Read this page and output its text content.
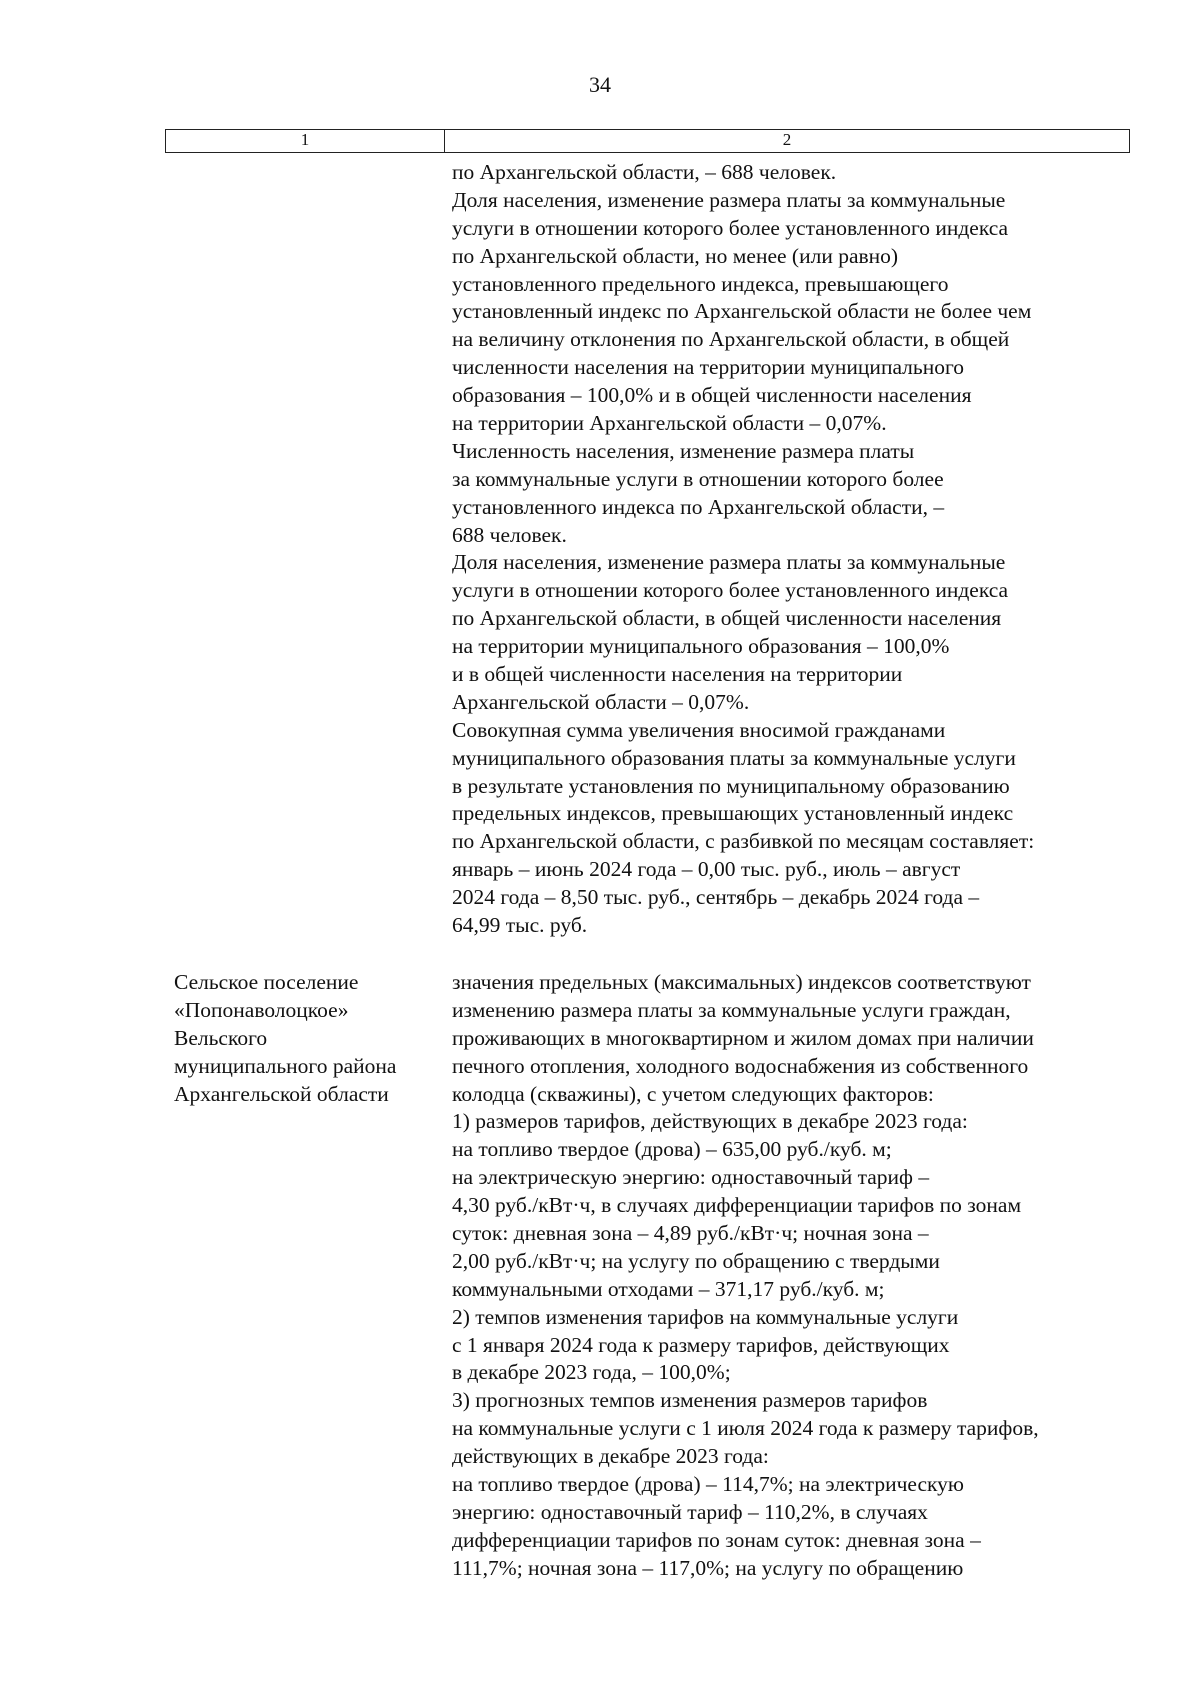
34
1	2
по Архангельской области, – 688 человек.
Доля населения, изменение размера платы за коммунальные
услуги в отношении которого более установленного индекса
по Архангельской области, но менее (или равно)
установленного предельного индекса, превышающего
установленный индекс по Архангельской области не более чем
на величину отклонения по Архангельской области, в общей
численности населения на территории муниципального
образования – 100,0% и в общей численности населения
на территории Архангельской области – 0,07%.
Численность населения, изменение размера платы
за коммунальные услуги в отношении которого более
установленного индекса по Архангельской области, –
688 человек.
Доля населения, изменение размера платы за коммунальные
услуги в отношении которого более установленного индекса
по Архангельской области, в общей численности населения
на территории муниципального образования – 100,0%
и в общей численности населения на территории
Архангельской области – 0,07%.
Совокупная сумма увеличения вносимой гражданами
муниципального образования платы за коммунальные услуги
в результате установления по муниципальному образованию
предельных индексов, превышающих установленный индекс
по Архангельской области, с разбивкой по месяцам составляет:
январь – июнь 2024 года – 0,00 тыс. руб., июль – август
2024 года – 8,50 тыс. руб., сентябрь – декабрь 2024 года –
64,99 тыс. руб.
Сельское поселение
«Попонаволоцкое»
Вельского
муниципального района
Архангельской области
значения предельных (максимальных) индексов соответствуют
изменению размера платы за коммунальные услуги граждан,
проживающих в многоквартирном и жилом домах при наличии
печного отопления, холодного водоснабжения из собственного
колодца (скважины), с учетом следующих факторов:
1) размеров тарифов, действующих в декабре 2023 года:
на топливо твердое (дрова) – 635,00 руб./куб. м;
на электрическую энергию: одноставочный тариф –
4,30 руб./кВт·ч, в случаях дифференциации тарифов по зонам
суток: дневная зона – 4,89 руб./кВт·ч; ночная зона –
2,00 руб./кВт·ч; на услугу по обращению с твердыми
коммунальными отходами – 371,17 руб./куб. м;
2) темпов изменения тарифов на коммунальные услуги
с 1 января 2024 года к размеру тарифов, действующих
в декабре 2023 года, – 100,0%;
3) прогнозных темпов изменения размеров тарифов
на коммунальные услуги с 1 июля 2024 года к размеру тарифов,
действующих в декабре 2023 года:
на топливо твердое (дрова) – 114,7%; на электрическую
энергию: одноставочный тариф – 110,2%, в случаях
дифференциации тарифов по зонам суток: дневная зона –
111,7%; ночная зона – 117,0%; на услугу по обращению
